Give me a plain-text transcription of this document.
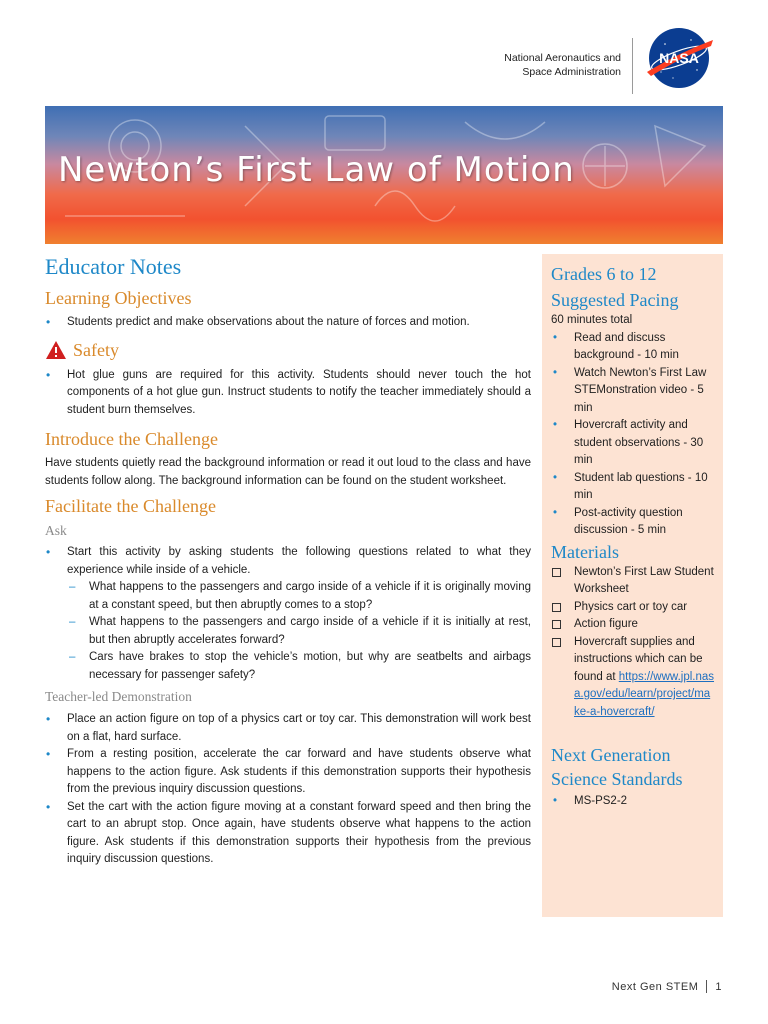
National Aeronautics and
Space Administration
NASA
Newton’s First Law of Motion
Educator Notes
Learning Objectives
• Students predict and make observations about the nature of forces and motion.
Safety
• Hot glue guns are required for this activity. Students should never touch the hot components of a hot glue gun. Instruct students to notify the teacher immediately should a student burn themselves.
Introduce the Challenge

Have students quietly read the background information or read it out loud to the class and have students follow along. The background information can be found on the student worksheet.

Facilitate the Challenge
Ask
• Start this activity by asking students the following questions related to what they experience while inside of a vehicle.
– What happens to the passengers and cargo inside of a vehicle if it is originally moving at a constant speed, but then abruptly comes to a stop?
– What happens to the passengers and cargo inside of a vehicle if it is initially at rest, but then abruptly accelerates forward?
– Cars have brakes to stop the vehicle’s motion, but why are seatbelts and airbags necessary for passenger safety?
Teacher-led Demonstration
• Place an action figure on top of a physics cart or toy car. This demonstration will work best on a flat, hard surface.
• From a resting position, accelerate the car forward and have students observe what happens to the action figure. Ask students if this demonstration supports their hypothesis from the previous inquiry discussion questions.
• Set the cart with the action figure moving at a constant forward speed and then bring the cart to an abrupt stop. Once again, have students observe what happens to the action figure. Ask students if this demonstration supports their hypothesis from the previous inquiry discussion questions.
Grades 6 to 12
Suggested Pacing
60 minutes total
• Read and discuss background - 10 min
• Watch Newton’s First Law STEMonstration video - 5 min
• Hovercraft activity and student observations - 30 min
• Student lab questions - 10 min
• Post-activity question discussion - 5 min
Materials
Newton’s First Law Student Worksheet
Physics cart or toy car
Action figure
Hovercraft supplies and instructions which can be found at https://www.jpl.nasa.gov/edu/learn/project/make-a-hovercraft/
Next Generation Science Standards
• MS-PS2-2
Next Gen STEM 1
